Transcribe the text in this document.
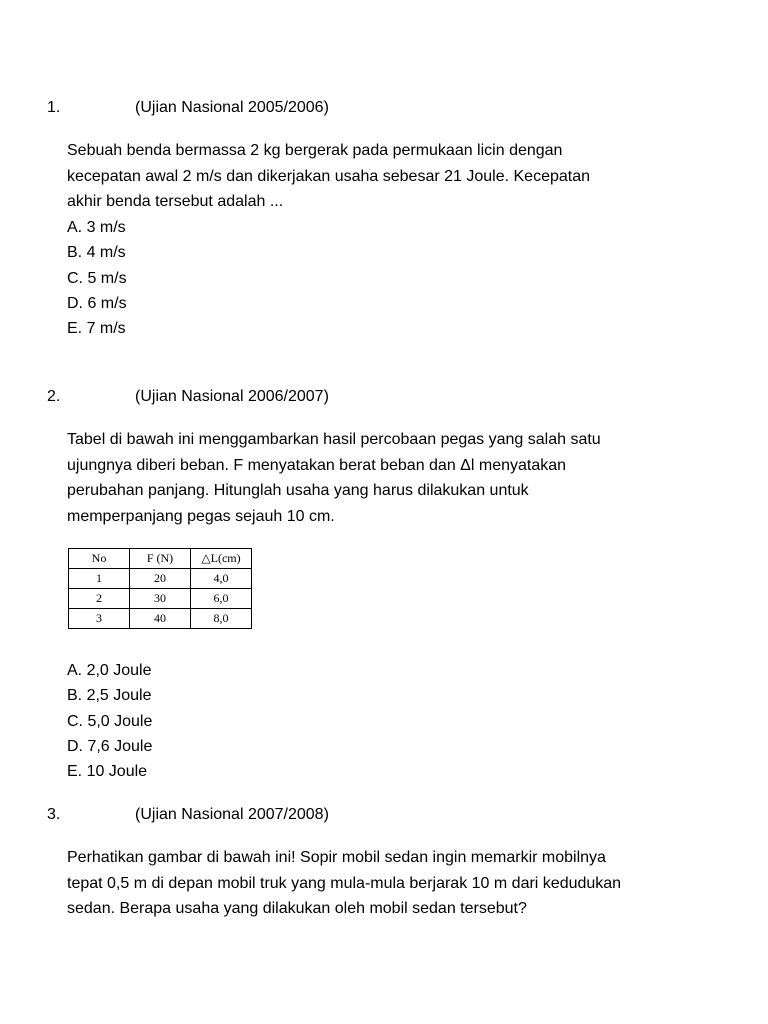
1.	(Ujian Nasional 2005/2006)

Sebuah benda bermassa 2 kg bergerak pada permukaan licin dengan
kecepatan awal 2 m/s dan dikerjakan usaha sebesar 21 Joule. Kecepatan
akhir benda tersebut adalah ...

A. 3 m/s
B. 4 m/s
C. 5 m/s
D. 6 m/s
E. 7 m/s
2.	(Ujian Nasional 2006/2007)

Tabel di bawah ini menggambarkan hasil percobaan pegas yang salah satu
ujungnya diberi beban. F menyatakan berat beban dan Δl menyatakan
perubahan panjang. Hitunglah usaha yang harus dilakukan untuk
memperpanjang pegas sejauh 10 cm.

No	F (N)	△L(cm)
1	20	4,0
2	30	6,0
3	40	8,0
A. 2,0 Joule
B. 2,5 Joule
C. 5,0 Joule
D. 7,6 Joule
E. 10 Joule
3.	(Ujian Nasional 2007/2008)

Perhatikan gambar di bawah ini! Sopir mobil sedan ingin memarkir mobilnya
tepat 0,5 m di depan mobil truk yang mula-mula berjarak 10 m dari kedudukan
sedan. Berapa usaha yang dilakukan oleh mobil sedan tersebut?
